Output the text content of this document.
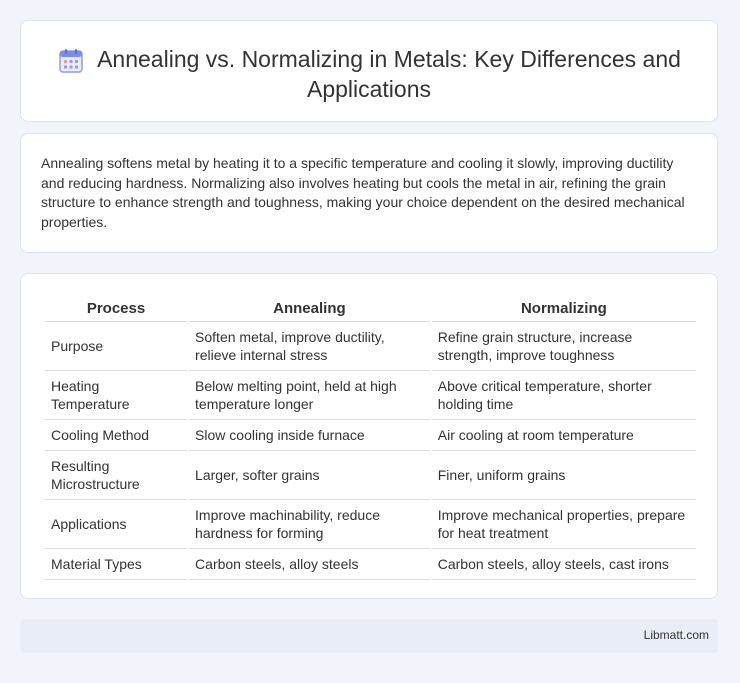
Annealing vs. Normalizing in Metals: Key Differences and Applications

Annealing softens metal by heating it to a specific temperature and cooling it slowly, improving ductility and reducing hardness. Normalizing also involves heating but cools the metal in air, refining the grain structure to enhance strength and toughness, making your choice dependent on the desired mechanical properties.

Process	Annealing	Normalizing
Purpose	Soften metal, improve ductility, relieve internal stress	Refine grain structure, increase strength, improve toughness
Heating Temperature	Below melting point, held at high temperature longer	Above critical temperature, shorter holding time
Cooling Method	Slow cooling inside furnace	Air cooling at room temperature
Resulting Microstructure	Larger, softer grains	Finer, uniform grains
Applications	Improve machinability, reduce hardness for forming	Improve mechanical properties, prepare for heat treatment
Material Types	Carbon steels, alloy steels	Carbon steels, alloy steels, cast irons
Libmatt.com
